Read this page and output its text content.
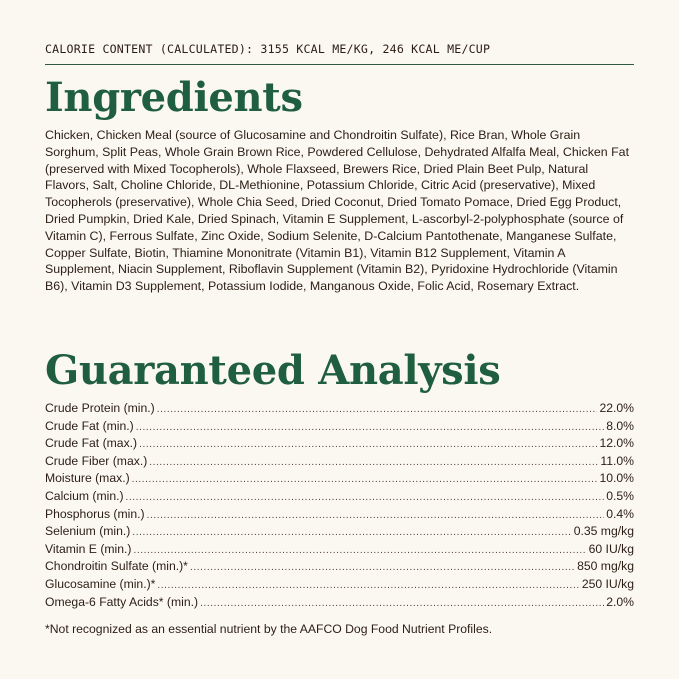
CALORIE CONTENT (CALCULATED): 3155 KCAL ME/KG, 246 KCAL ME/CUP
Ingredients
Chicken, Chicken Meal (source of Glucosamine and Chondroitin Sulfate), Rice Bran, Whole Grain Sorghum, Split Peas, Whole Grain Brown Rice, Powdered Cellulose, Dehydrated Alfalfa Meal, Chicken Fat (preserved with Mixed Tocopherols), Whole Flaxseed, Brewers Rice, Dried Plain Beet Pulp, Natural Flavors, Salt, Choline Chloride, DL-Methionine, Potassium Chloride, Citric Acid (preservative), Mixed Tocopherols (preservative), Whole Chia Seed, Dried Coconut, Dried Tomato Pomace, Dried Egg Product, Dried Pumpkin, Dried Kale, Dried Spinach, Vitamin E Supplement, L-ascorbyl-2-polyphosphate (source of Vitamin C), Ferrous Sulfate, Zinc Oxide, Sodium Selenite, D-Calcium Pantothenate, Manganese Sulfate, Copper Sulfate, Biotin, Thiamine Mononitrate (Vitamin B1), Vitamin B12 Supplement, Vitamin A Supplement, Niacin Supplement, Riboflavin Supplement (Vitamin B2), Pyridoxine Hydrochloride (Vitamin B6), Vitamin D3 Supplement, Potassium Iodide, Manganous Oxide, Folic Acid, Rosemary Extract.
Guaranteed Analysis
Crude Protein (min.) .....	22.0%
Crude Fat (min.) .....	8.0%
Crude Fat (max.) .....	12.0%
Crude Fiber (max.) .....	11.0%
Moisture (max.) .....	10.0%
Calcium (min.) .....	0.5%
Phosphorus (min.) .....	0.4%
Selenium (min.) .....	0.35 mg/kg
Vitamin E (min.) .....	60 IU/kg
Chondroitin Sulfate (min.)* .....	850 mg/kg
Glucosamine (min.)* .....	250 IU/kg
Omega-6 Fatty Acids* (min.) .....	2.0%
*Not recognized as an essential nutrient by the AAFCO Dog Food Nutrient Profiles.
